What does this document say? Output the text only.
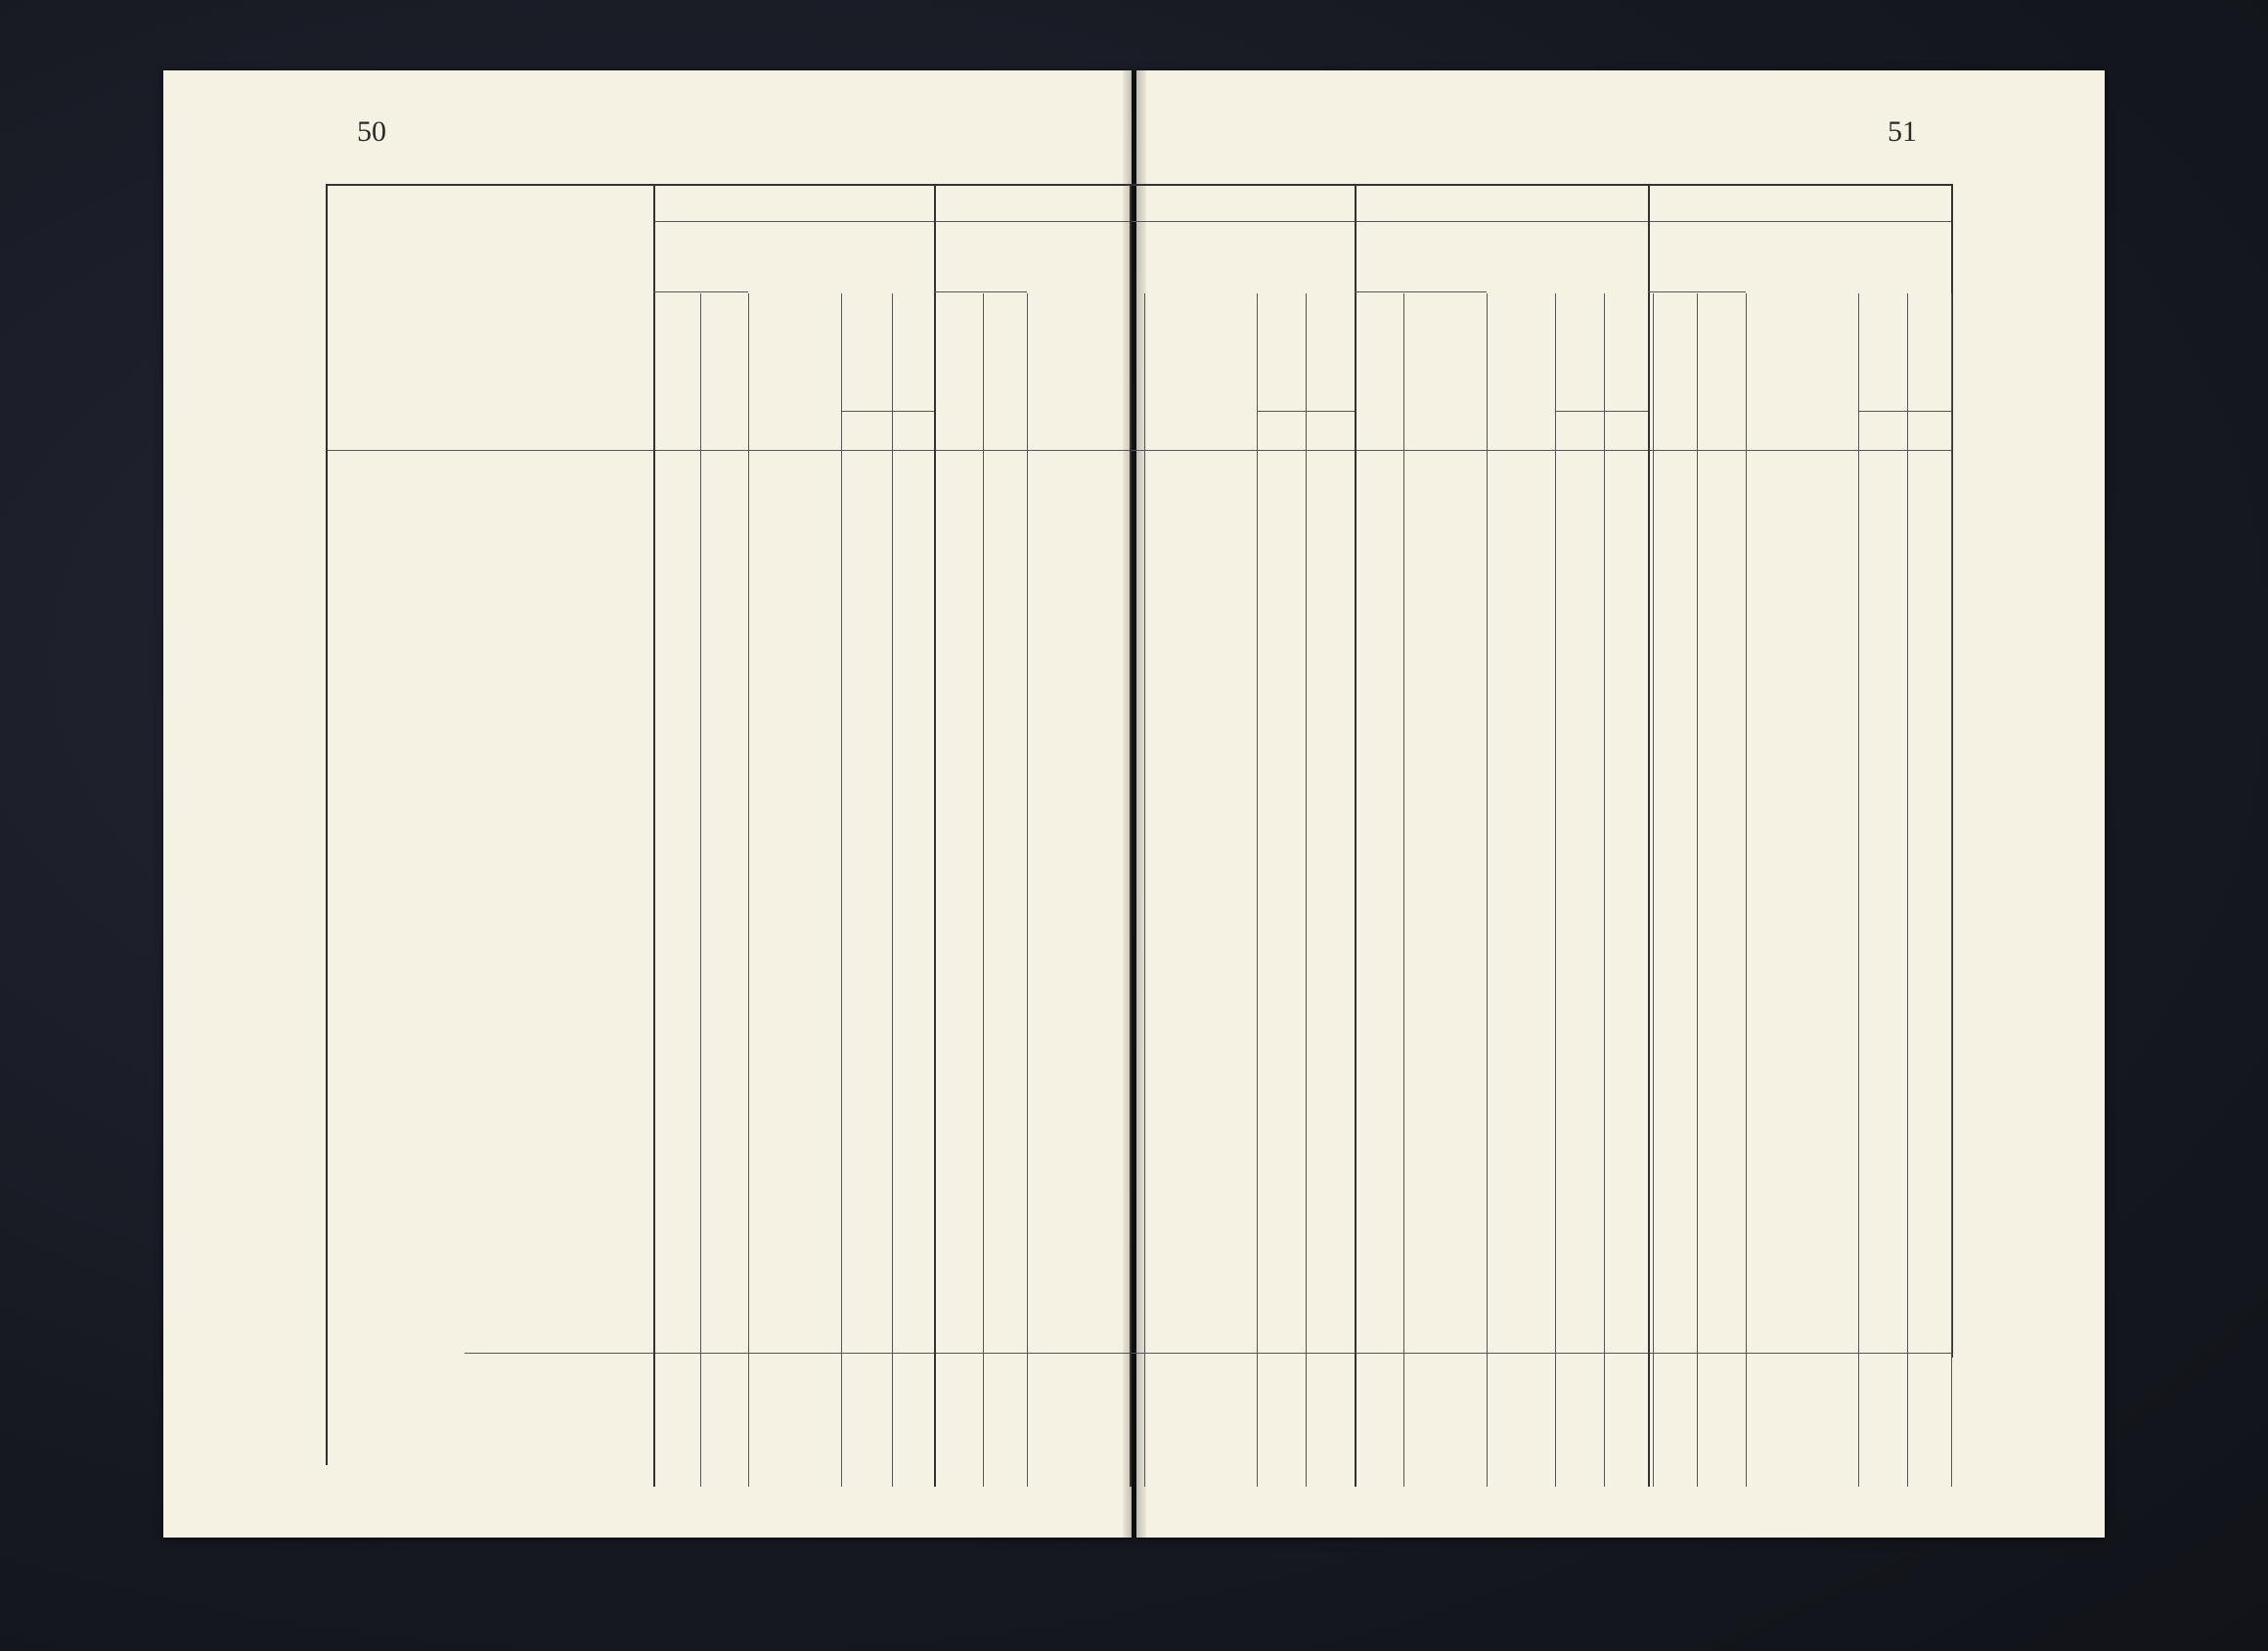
50	51
